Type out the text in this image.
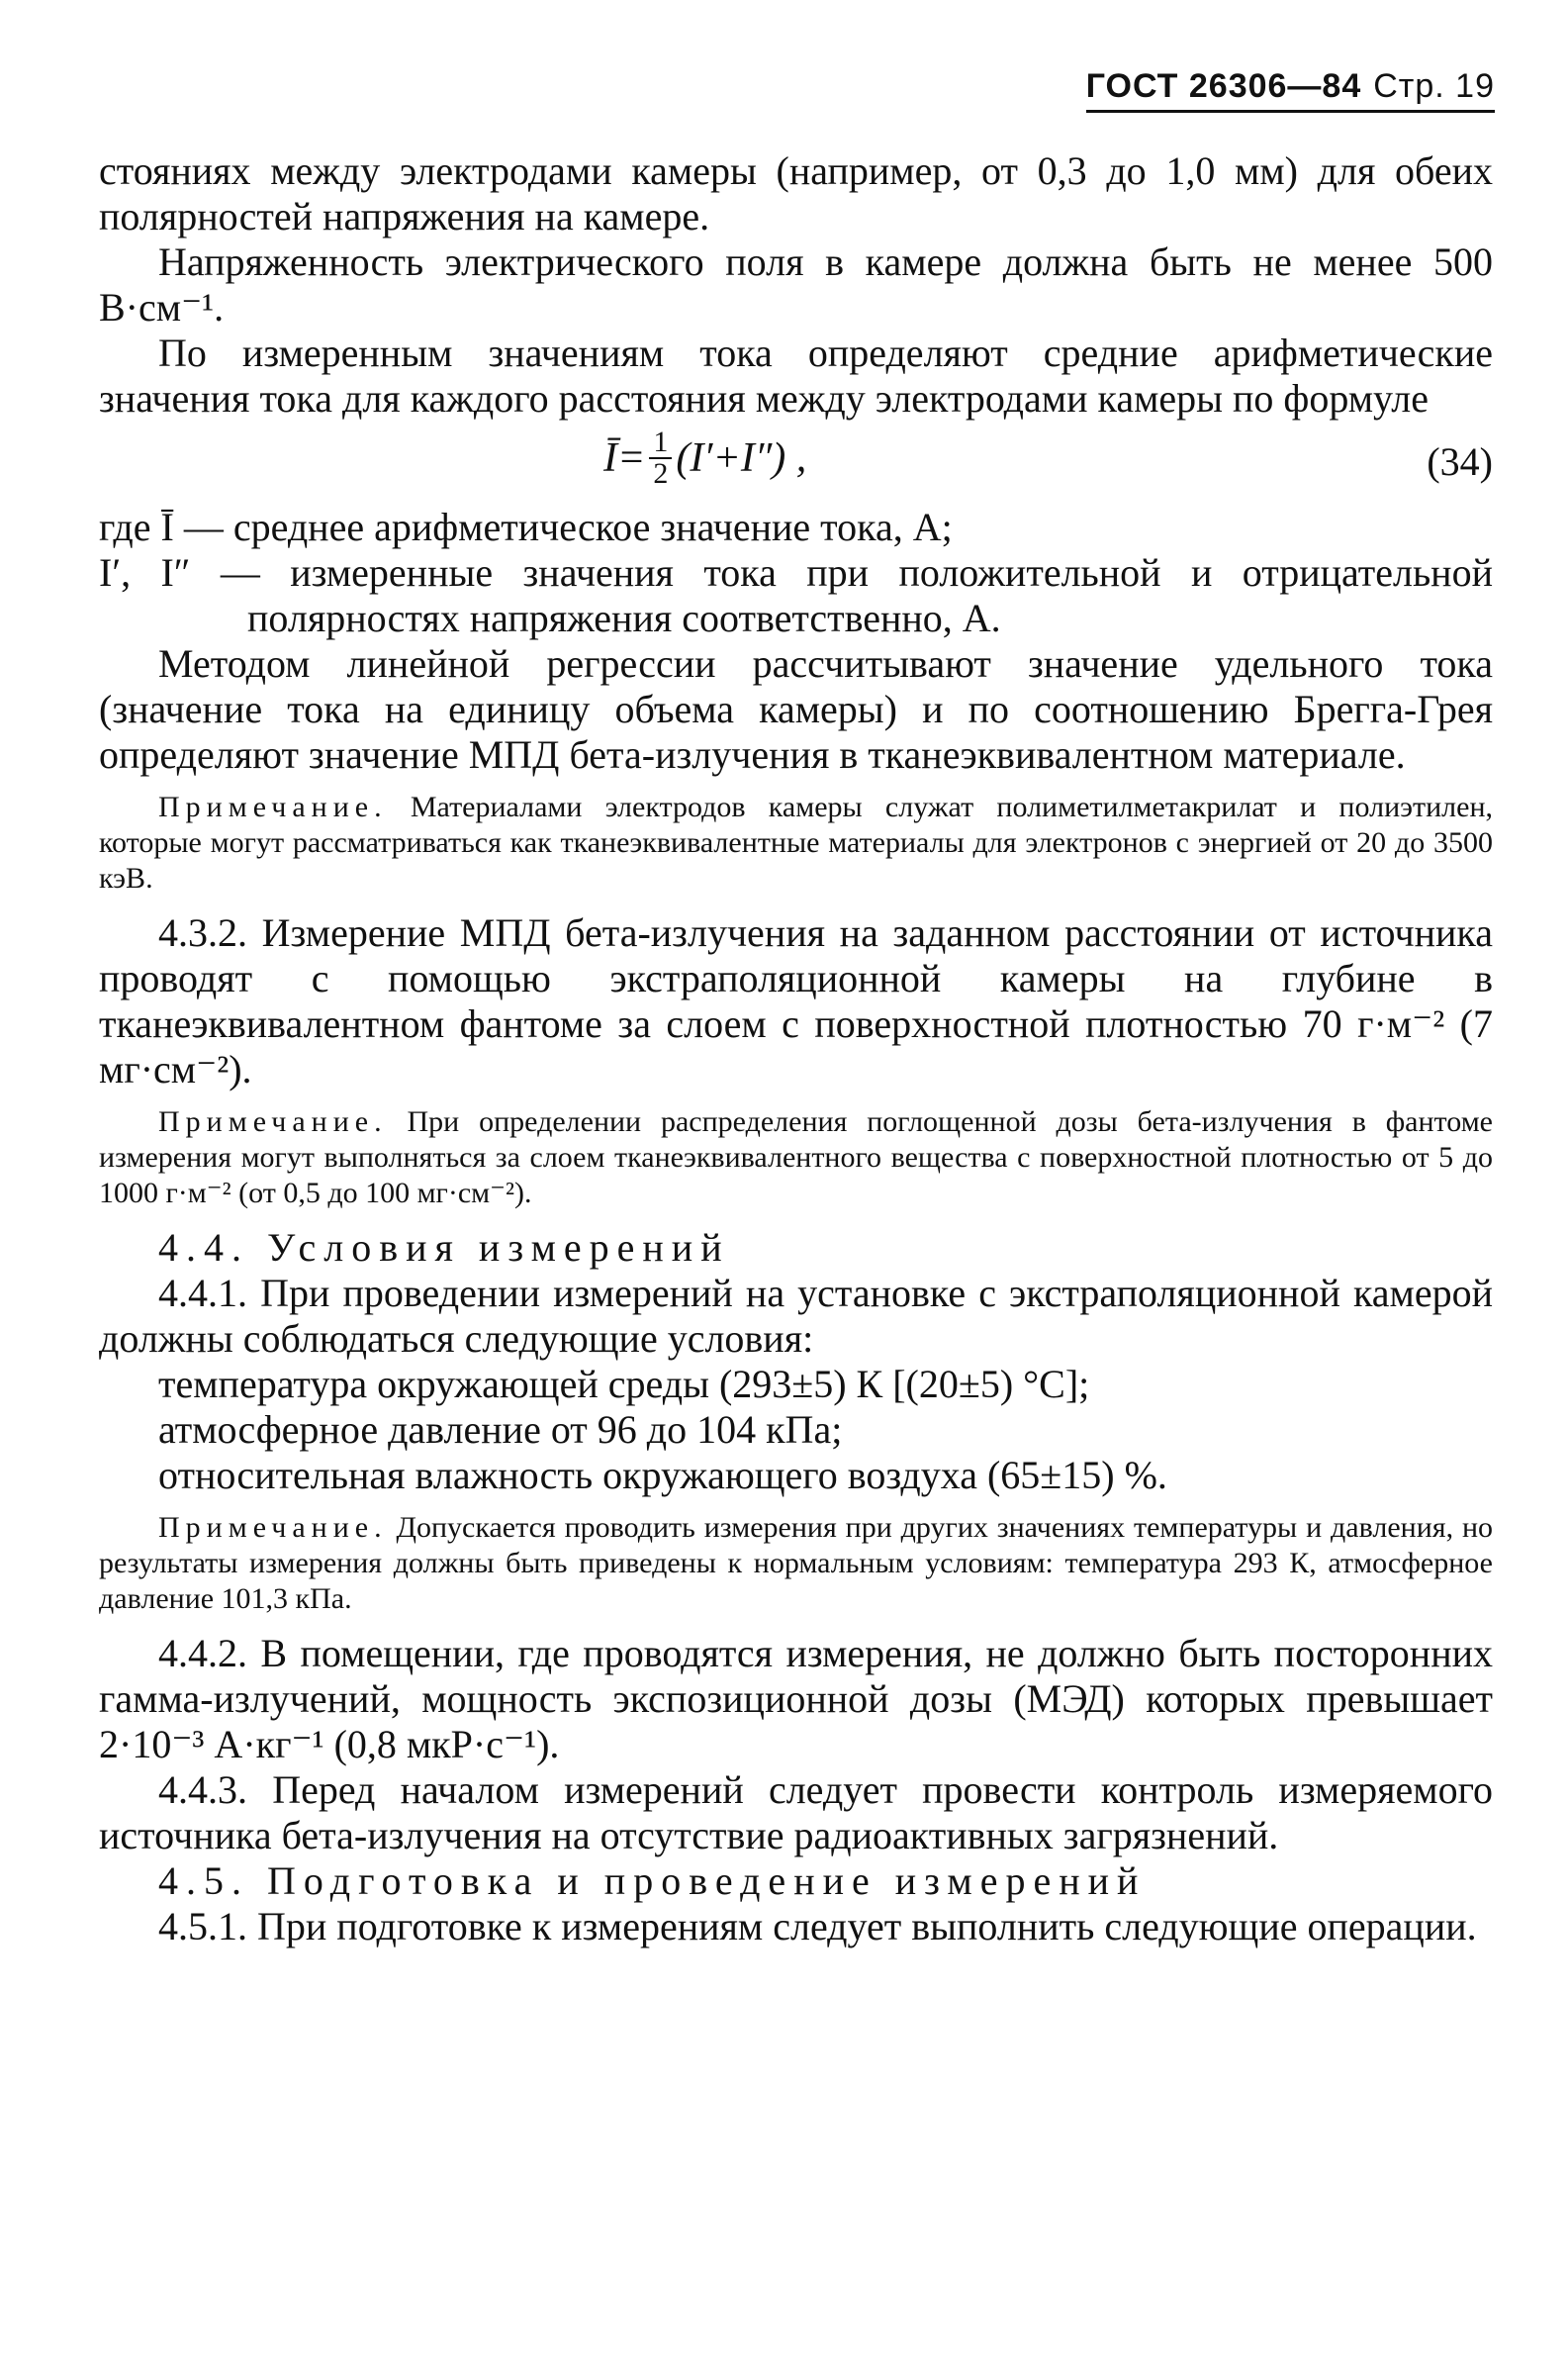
ГОСТ 26306—84 Стр. 19

стояниях между электродами камеры (например, от 0,3 до 1,0 мм) для обеих полярностей напряжения на камере.

Напряженность электрического поля в камере должна быть не менее 500 В·см⁻¹.

По измеренным значениям тока определяют средние арифметические значения тока для каждого расстояния между электродами камеры по формуле

Ī= $\frac{1}{2} (I'+I'')$ ,	(34)

где Ī — среднее арифметическое значение тока, А;

I′, I″ — измеренные значения тока при положительной и отрицательной полярностях напряжения соответственно, А.

Методом линейной регрессии рассчитывают значение удельного тока (значение тока на единицу объема камеры) и по соотношению Брегга-Грея определяют значение МПД бета-излучения в тканеэквивалентном материале.

Примечание. Материалами электродов камеры служат полиметилметакрилат и полиэтилен, которые могут рассматриваться как тканеэквивалентные материалы для электронов с энергией от 20 до 3500 кэВ.

4.3.2. Измерение МПД бета-излучения на заданном расстоянии от источника проводят с помощью экстраполяционной камеры на глубине в тканеэквивалентном фантоме за слоем с поверхностной плотностью 70 г·м⁻² (7 мг·см⁻²).

Примечание. При определении распределения поглощенной дозы бета-излучения в фантоме измерения могут выполняться за слоем тканеэквивалентного вещества с поверхностной плотностью от 5 до 1000 г·м⁻² (от 0,5 до 100 мг·см⁻²).

4.4. Условия измерений

4.4.1. При проведении измерений на установке с экстраполяционной камерой должны соблюдаться следующие условия:

температура окружающей среды (293±5) К [(20±5) °С];

атмосферное давление от 96 до 104 кПа;

относительная влажность окружающего воздуха (65±15) %.

Примечание. Допускается проводить измерения при других значениях температуры и давления, но результаты измерения должны быть приведены к нормальным условиям: температура 293 К, атмосферное давление 101,3 кПа.

4.4.2. В помещении, где проводятся измерения, не должно быть посторонних гамма-излучений, мощность экспозиционной дозы (МЭД) которых превышает 2·10⁻³ А·кг⁻¹ (0,8 мкР·с⁻¹).

4.4.3. Перед началом измерений следует провести контроль измеряемого источника бета-излучения на отсутствие радиоактивных загрязнений.

4.5. Подготовка и проведение измерений

4.5.1. При подготовке к измерениям следует выполнить следующие операции.
